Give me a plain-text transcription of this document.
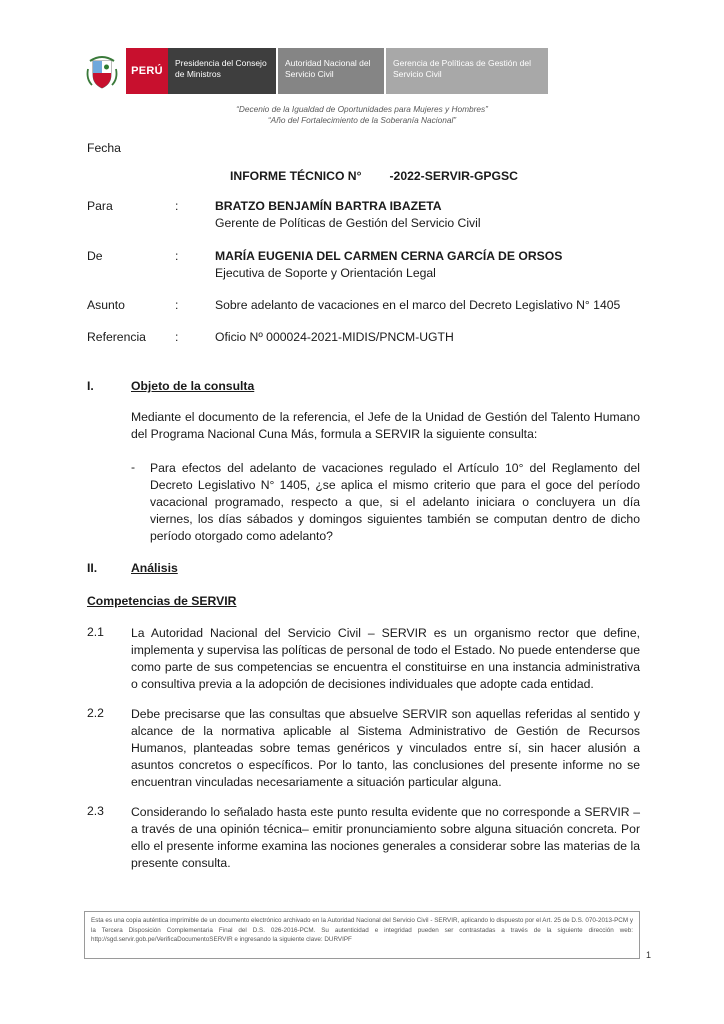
PERÚ
Presidencia del Consejo de Ministros
Autoridad Nacional del Servicio Civil
Gerencia de Políticas de Gestión del Servicio Civil
“Decenio de la Igualdad de Oportunidades para Mujeres y Hombres”
“Año del Fortalecimiento de la Soberanía Nacional”
Fecha
INFORME TÉCNICO N° -2022-SERVIR-GPGSC
Para	:	BRATZO BENJAMÍN BARTRA IBAZETA
Gerente de Políticas de Gestión del Servicio Civil
De	:	MARÍA EUGENIA DEL CARMEN CERNA GARCÍA DE ORSOS
Ejecutiva de Soporte y Orientación Legal
Asunto	:	Sobre adelanto de vacaciones en el marco del Decreto Legislativo N° 1405
Referencia	:	Oficio Nº 000024-2021-MIDIS/PNCM-UGTH
I.	Objeto de la consulta
Mediante el documento de la referencia, el Jefe de la Unidad de Gestión del Talento Humano del Programa Nacional Cuna Más, formula a SERVIR la siguiente consulta:
- Para efectos del adelanto de vacaciones regulado el Artículo 10° del Reglamento del Decreto Legislativo N° 1405, ¿se aplica el mismo criterio que para el goce del período vacacional programado, respecto a que, si el adelanto iniciara o concluyera un día viernes, los días sábados y domingos siguientes también se computan dentro de dicho período otorgado como adelanto?
II.	Análisis
Competencias de SERVIR
2.1 La Autoridad Nacional del Servicio Civil – SERVIR es un organismo rector que define, implementa y supervisa las políticas de personal de todo el Estado. No puede entenderse que como parte de sus competencias se encuentra el constituirse en una instancia administrativa o consultiva previa a la adopción de decisiones individuales que adopte cada entidad.
2.2 Debe precisarse que las consultas que absuelve SERVIR son aquellas referidas al sentido y alcance de la normativa aplicable al Sistema Administrativo de Gestión de Recursos Humanos, planteadas sobre temas genéricos y vinculados entre sí, sin hacer alusión a asuntos concretos o específicos. Por lo tanto, las conclusiones del presente informe no se encuentran vinculadas necesariamente a situación particular alguna.
2.3 Considerando lo señalado hasta este punto resulta evidente que no corresponde a SERVIR –a través de una opinión técnica– emitir pronunciamiento sobre alguna situación concreta. Por ello el presente informe examina las nociones generales a considerar sobre las materias de la presente consulta.
Esta es una copia auténtica imprimible de un documento electrónico archivado en la Autoridad Nacional del Servicio Civil - SERVIR, aplicando lo dispuesto por el Art. 25 de D.S. 070-2013-PCM y la Tercera Disposición Complementaria Final del D.S. 026-2016-PCM. Su autenticidad e integridad pueden ser contrastadas a través de la siguiente dirección web: http://sgd.servir.gob.pe/VerificaDocumentoSERVIR e ingresando la siguiente clave: DURVIPF
1
